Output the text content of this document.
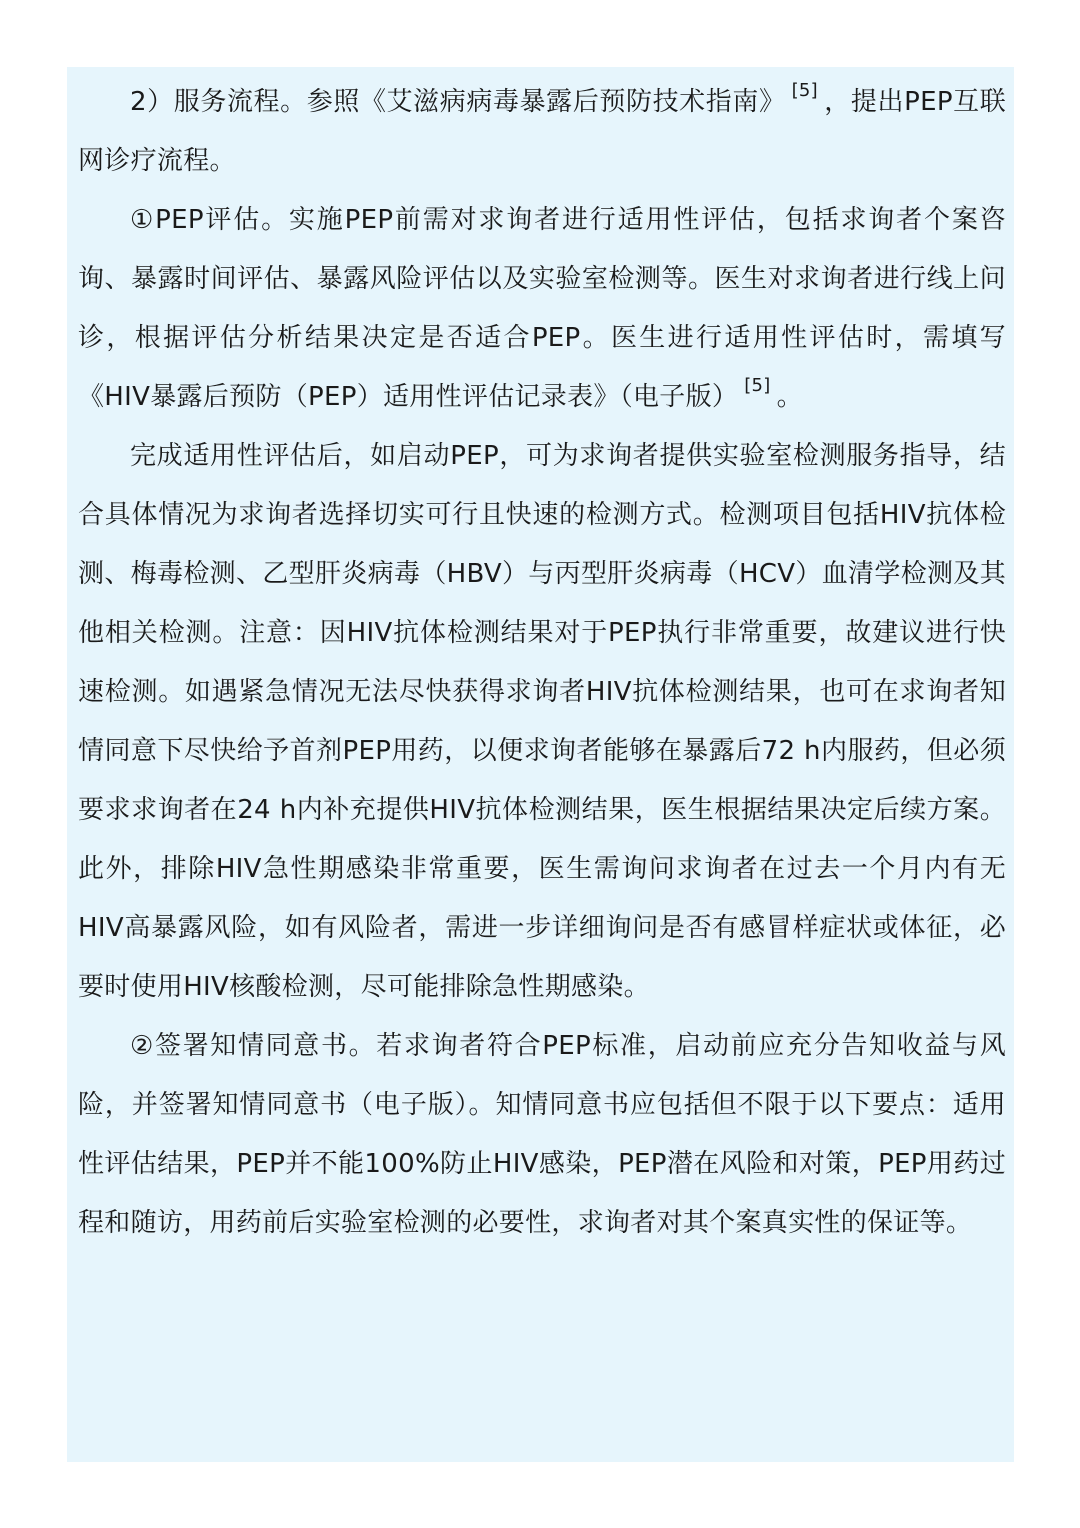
2）服务流程。参照《艾滋病病毒暴露后预防技术指南》 [5] ，提出PEP互联网诊疗流程。

①PEP评估。实施PEP前需对求询者进行适用性评估，包括求询者个案咨询、暴露时间评估、暴露风险评估以及实验室检测等。医生对求询者进行线上问诊，根据评估分析结果决定是否适合PEP。医生进行适用性评估时，需填写《HIV暴露后预防（PEP）适用性评估记录表》（电子版） [5] 。

完成适用性评估后，如启动PEP，可为求询者提供实验室检测服务指导，结合具体情况为求询者选择切实可行且快速的检测方式。检测项目包括HIV抗体检测、梅毒检测、乙型肝炎病毒（HBV）与丙型肝炎病毒（HCV）血清学检测及其他相关检测。注意：因HIV抗体检测结果对于PEP执行非常重要，故建议进行快速检测。如遇紧急情况无法尽快获得求询者HIV抗体检测结果，也可在求询者知情同意下尽快给予首剂PEP用药，以便求询者能够在暴露后72 h内服药，但必须要求求询者在24 h内补充提供HIV抗体检测结果，医生根据结果决定后续方案。此外，排除HIV急性期感染非常重要，医生需询问求询者在过去一个月内有无HIV高暴露风险，如有风险者，需进一步详细询问是否有感冒样症状或体征，必要时使用HIV核酸检测，尽可能排除急性期感染。

②签署知情同意书。若求询者符合PEP标准，启动前应充分告知收益与风险，并签署知情同意书（电子版）。知情同意书应包括但不限于以下要点：适用性评估结果，PEP并不能100%防止HIV感染，PEP潜在风险和对策，PEP用药过程和随访，用药前后实验室检测的必要性，求询者对其个案真实性的保证等。
